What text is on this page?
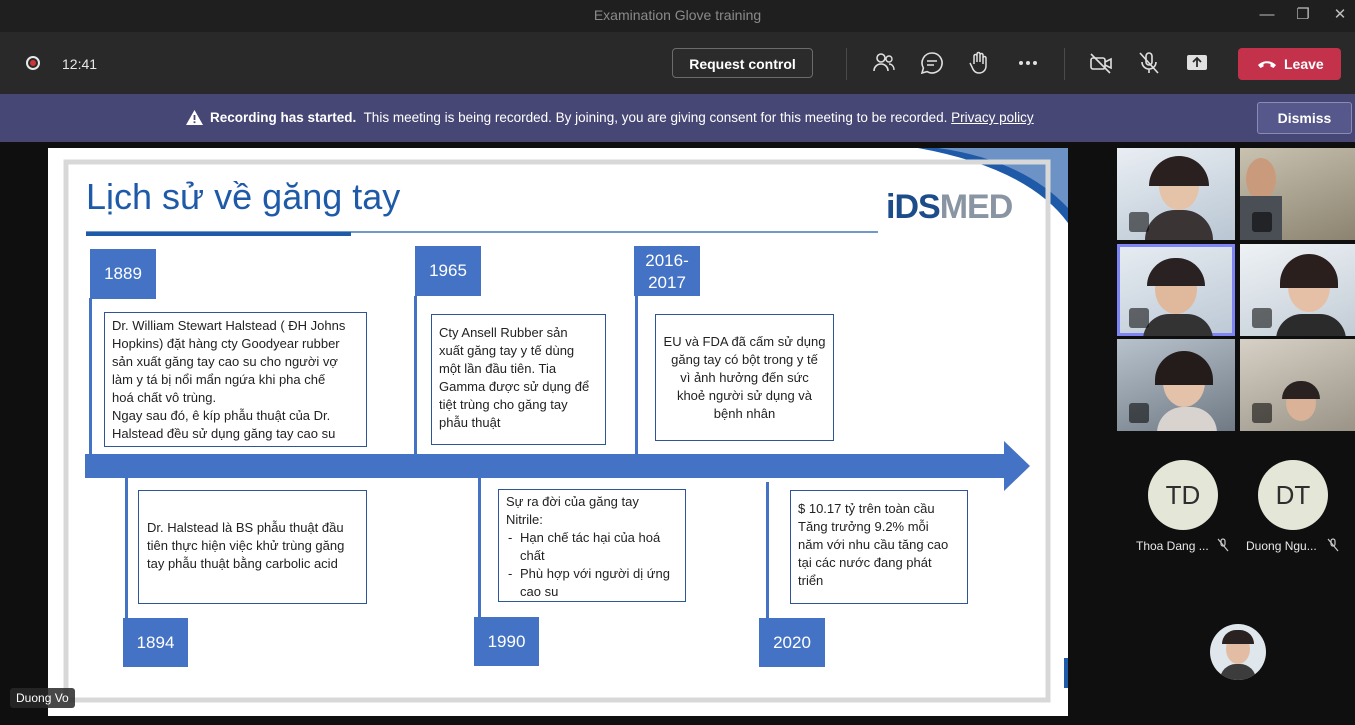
Examination Glove training	—	❐	✕
12:41	Request control	Leave
Recording has started. This meeting is being recorded. By joining, you are giving consent for this meeting to be recorded. Privacy policy	Dismiss
Lịch sử về găng tay	iDSMED
1889
Dr. William Stewart Halstead ( ĐH Johns
Hopkins) đặt hàng cty Goodyear rubber
sản xuất găng tay cao su cho người vợ
làm y tá bị nổi mẩn ngứa khi pha chế
hoá chất vô trùng.
Ngay sau đó, ê kíp phẫu thuật của Dr.
Halstead đều sử dụng găng tay cao su
1965
Cty Ansell Rubber sản
xuất găng tay y tế dùng
một lần đầu tiên. Tia
Gamma được sử dụng để
tiệt trùng cho găng tay
phẫu thuật
2016-
2017
EU và FDA đã cấm sử dụng
găng tay có bột trong y tế
vì ảnh hưởng đến sức
khoẻ người sử dụng và
bệnh nhân
Dr. Halstead là BS phẫu thuật đầu
tiên thực hiện việc khử trùng găng
tay phẫu thuật bằng carbolic acid
1894
Sự ra đời của găng tay
Nitrile:
- Hạn chế tác hại của hoá
chất
- Phù hợp với người dị ứng
cao su
1990
$ 10.17 tỷ trên toàn cầu
Tăng trưởng 9.2% mỗi
năm với nhu cầu tăng cao
tại các nước đang phát
triển
2020
Duong Vo
TD
Thoa Dang ...
DT
Duong Ngu...
